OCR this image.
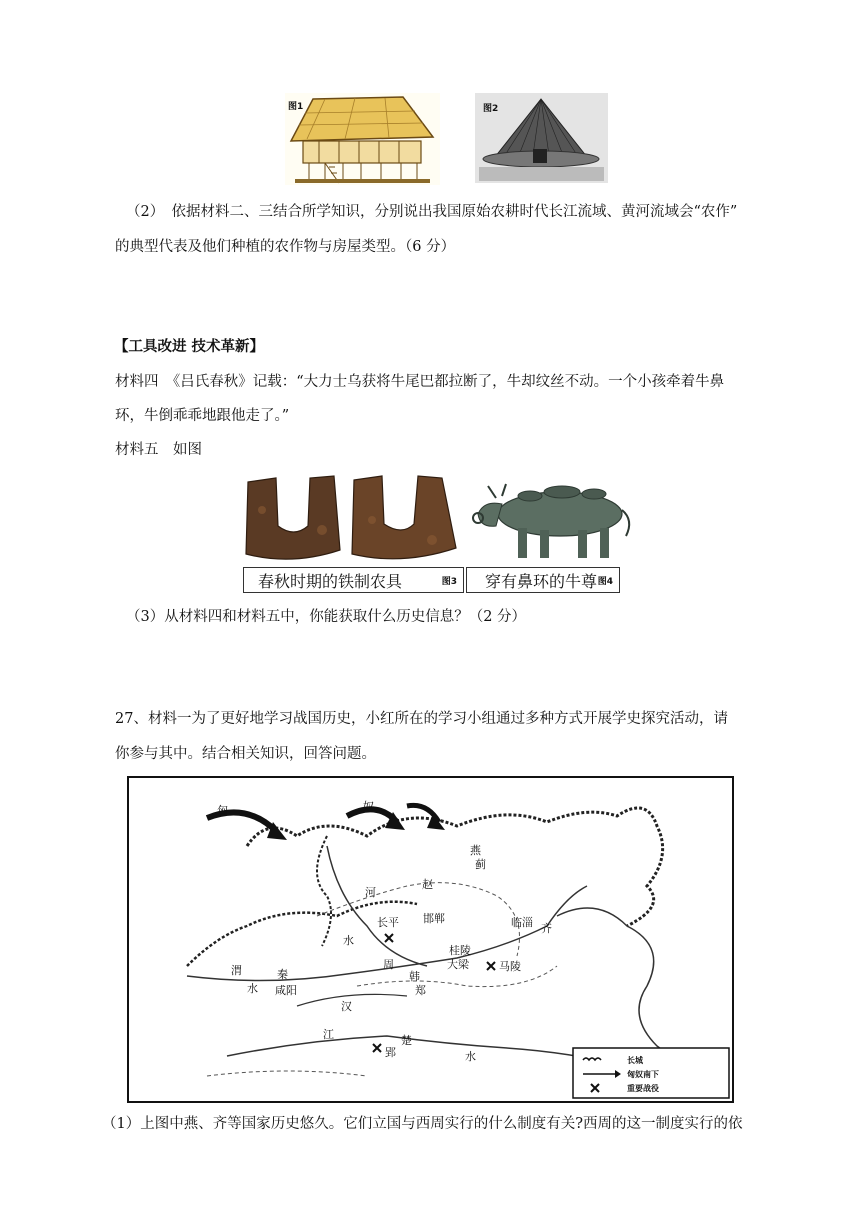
图1	图2
（2）　依据材料二、三结合所学知识，分别说出我国原始农耕时代长江流域、黄河流域会“农作”
的典型代表及他们种植的农作物与房屋类型。（6 分）
【工具改进 技术革新】
材料四　《吕氏春秋》记载：“大力士乌获将牛尾巴都拉断了，牛却纹丝不动。一个小孩牵着牛鼻
环，牛倒乖乖地跟他走了。”
材料五　如图
春秋时期的铁制农具	图3 穿有鼻环的牛尊 图4
（3）从材料四和材料五中，你能获取什么历史信息？（2 分）
27、材料一为了更好地学习战国历史，小红所在的学习小组通过多种方式开展学史探究活动，请
你参与其中。结合相关知识，回答问题。
匈	奴
燕
蓟
河
赵
邯郸
长平	临淄 齐
水
秦
桂陵
大梁	马陵
咸阳
周
韩
郑
渭
水
汉
江	楚
郢	水	长城
匈奴南下
重要战役
（1）上图中燕、齐等国家历史悠久。它们立国与西周实行的什么制度有关?西周的这一制度实行的依
